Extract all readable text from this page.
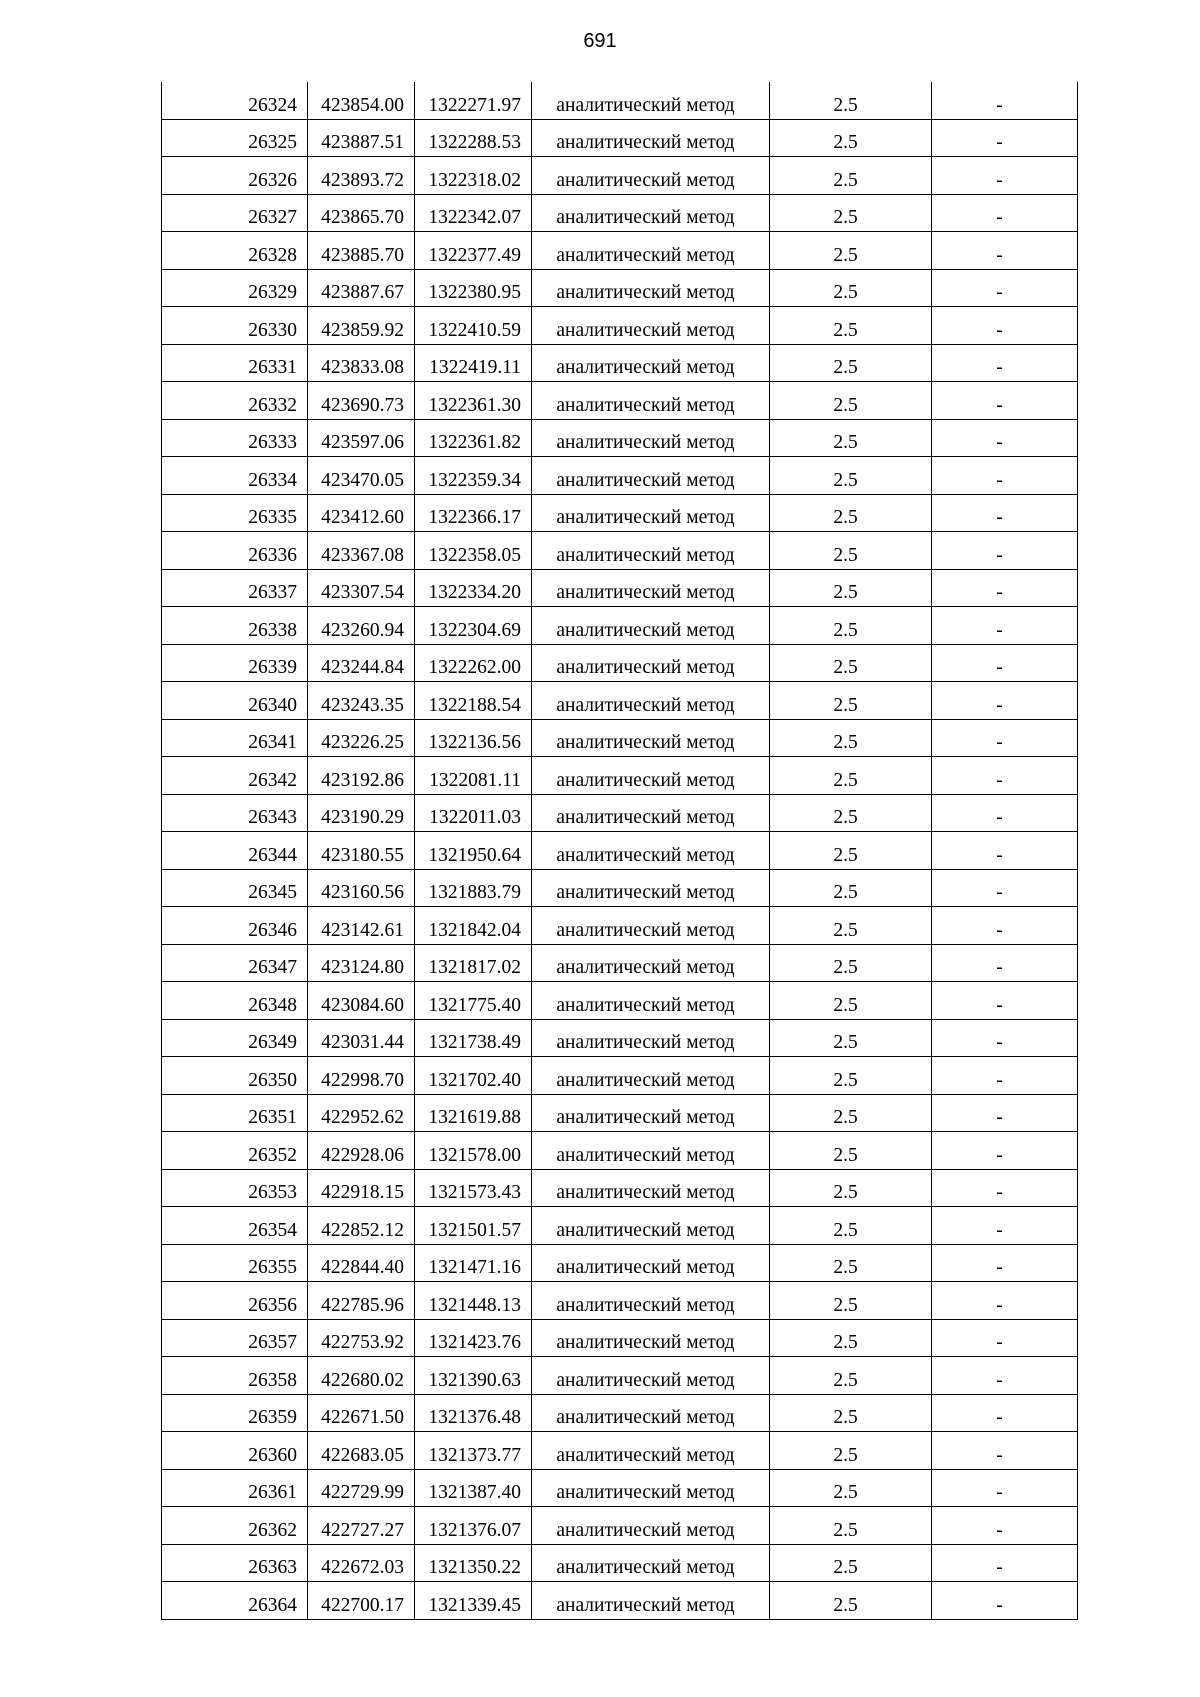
691
26324	423854.00	1322271.97	аналитический метод	2.5	-
26325	423887.51	1322288.53	аналитический метод	2.5	-
26326	423893.72	1322318.02	аналитический метод	2.5	-
26327	423865.70	1322342.07	аналитический метод	2.5	-
26328	423885.70	1322377.49	аналитический метод	2.5	-
26329	423887.67	1322380.95	аналитический метод	2.5	-
26330	423859.92	1322410.59	аналитический метод	2.5	-
26331	423833.08	1322419.11	аналитический метод	2.5	-
26332	423690.73	1322361.30	аналитический метод	2.5	-
26333	423597.06	1322361.82	аналитический метод	2.5	-
26334	423470.05	1322359.34	аналитический метод	2.5	-
26335	423412.60	1322366.17	аналитический метод	2.5	-
26336	423367.08	1322358.05	аналитический метод	2.5	-
26337	423307.54	1322334.20	аналитический метод	2.5	-
26338	423260.94	1322304.69	аналитический метод	2.5	-
26339	423244.84	1322262.00	аналитический метод	2.5	-
26340	423243.35	1322188.54	аналитический метод	2.5	-
26341	423226.25	1322136.56	аналитический метод	2.5	-
26342	423192.86	1322081.11	аналитический метод	2.5	-
26343	423190.29	1322011.03	аналитический метод	2.5	-
26344	423180.55	1321950.64	аналитический метод	2.5	-
26345	423160.56	1321883.79	аналитический метод	2.5	-
26346	423142.61	1321842.04	аналитический метод	2.5	-
26347	423124.80	1321817.02	аналитический метод	2.5	-
26348	423084.60	1321775.40	аналитический метод	2.5	-
26349	423031.44	1321738.49	аналитический метод	2.5	-
26350	422998.70	1321702.40	аналитический метод	2.5	-
26351	422952.62	1321619.88	аналитический метод	2.5	-
26352	422928.06	1321578.00	аналитический метод	2.5	-
26353	422918.15	1321573.43	аналитический метод	2.5	-
26354	422852.12	1321501.57	аналитический метод	2.5	-
26355	422844.40	1321471.16	аналитический метод	2.5	-
26356	422785.96	1321448.13	аналитический метод	2.5	-
26357	422753.92	1321423.76	аналитический метод	2.5	-
26358	422680.02	1321390.63	аналитический метод	2.5	-
26359	422671.50	1321376.48	аналитический метод	2.5	-
26360	422683.05	1321373.77	аналитический метод	2.5	-
26361	422729.99	1321387.40	аналитический метод	2.5	-
26362	422727.27	1321376.07	аналитический метод	2.5	-
26363	422672.03	1321350.22	аналитический метод	2.5	-
26364	422700.17	1321339.45	аналитический метод	2.5	-
